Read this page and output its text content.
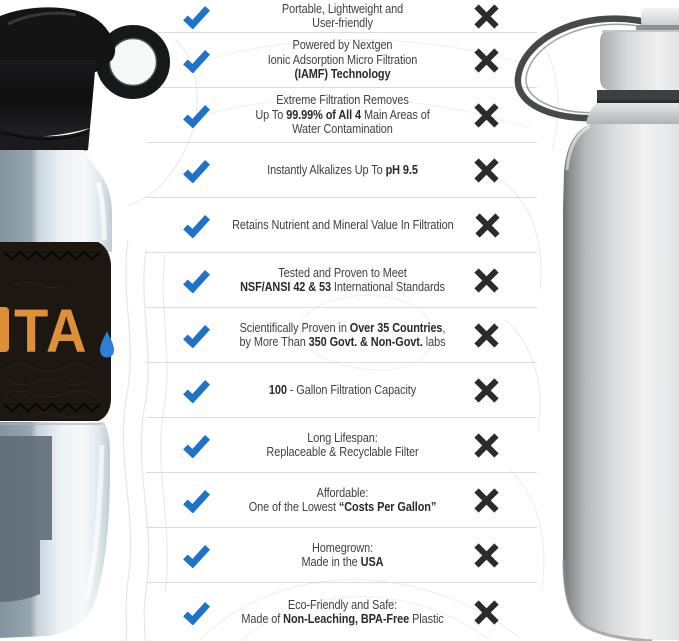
Portable, Lightweight and
User-friendly
Powered by Nextgen
Ionic Adsorption Micro Filtration
(IAMF) Technology
Extreme Filtration Removes
Up To 99.99% of All 4 Main Areas of
Water Contamination
Instantly Alkalizes Up To pH 9.5
Retains Nutrient and Mineral Value In Filtration
Tested and Proven to Meet
NSF/ANSI 42 & 53 International Standards
Scientifically Proven in Over 35 Countries,
by More Than 350 Govt. & Non-Govt. labs
100 - Gallon Filtration Capacity
Long Lifespan:
Replaceable & Recyclable Filter
Affordable:
One of the Lowest “Costs Per Gallon”
Homegrown:
Made in the USA
Eco-Friendly and Safe:
Made of Non-Leaching, BPA-Free Plastic
TA
